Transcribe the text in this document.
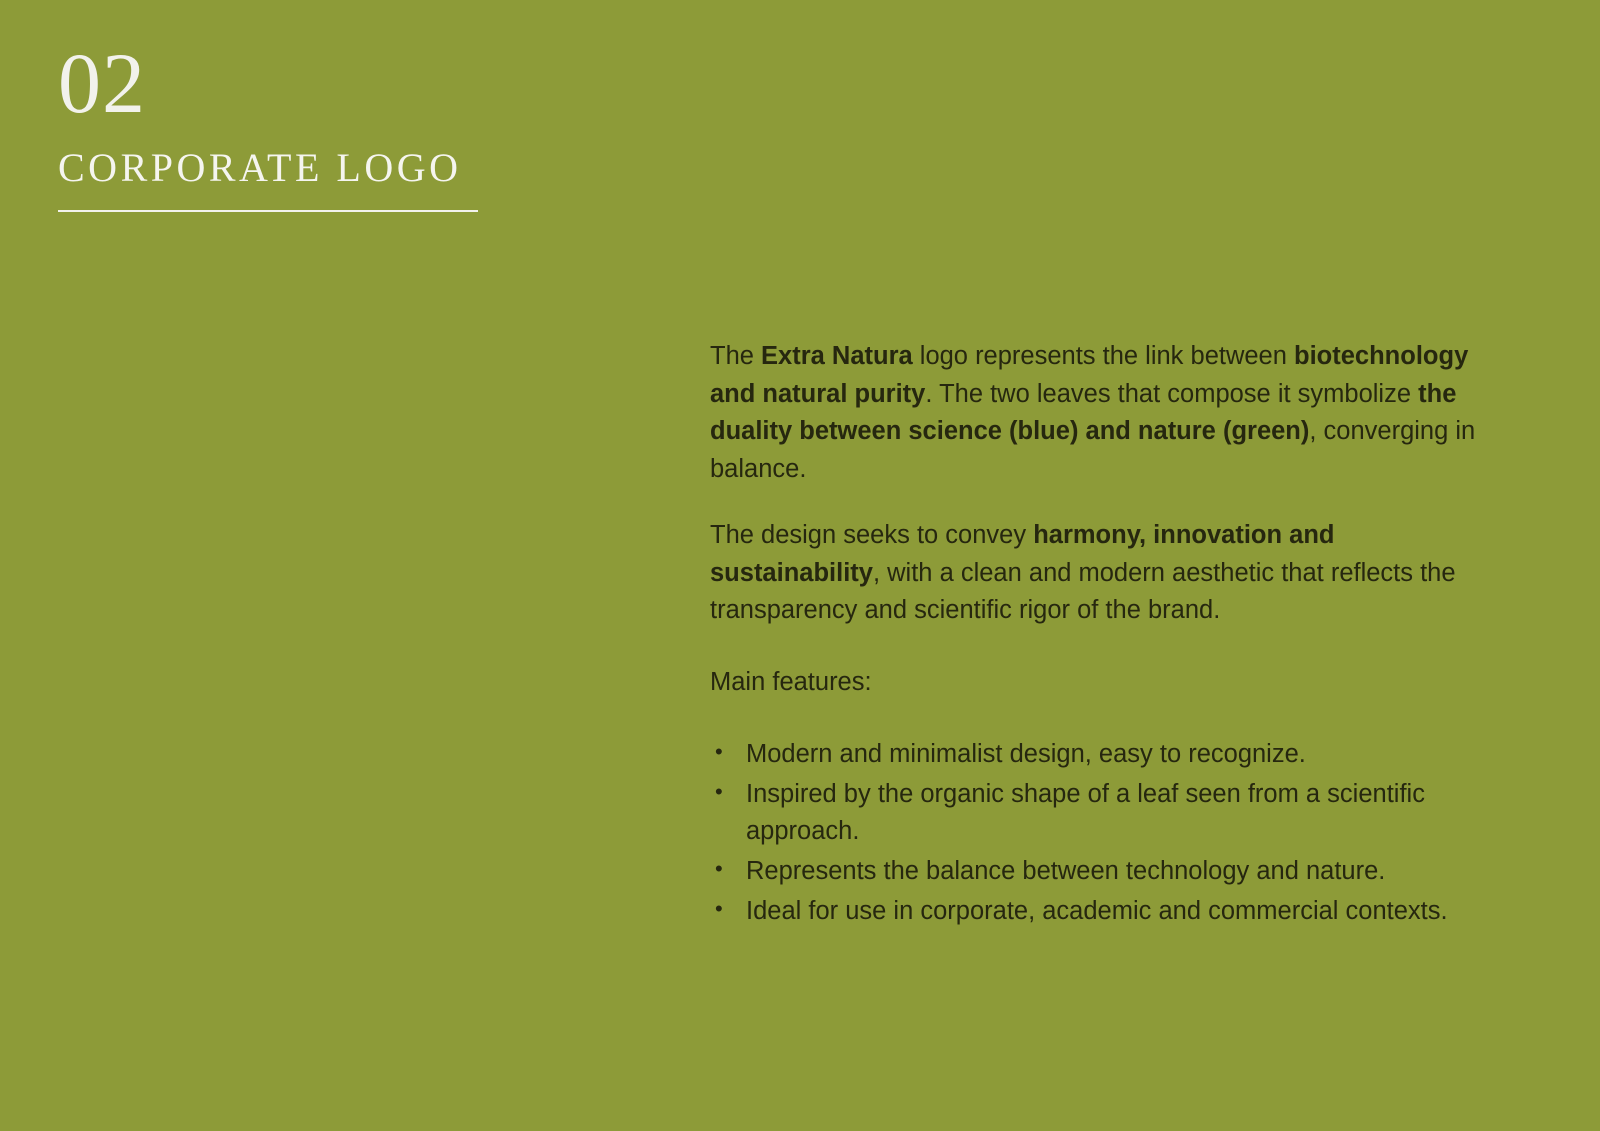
02
CORPORATE LOGO

The Extra Natura logo represents the link between biotechnology and natural purity. The two leaves that compose it symbolize the duality between science (blue) and nature (green), converging in balance.

The design seeks to convey harmony, innovation and sustainability, with a clean and modern aesthetic that reflects the transparency and scientific rigor of the brand.

Main features:

• Modern and minimalist design, easy to recognize.
• Inspired by the organic shape of a leaf seen from a scientific approach.
• Represents the balance between technology and nature.
• Ideal for use in corporate, academic and commercial contexts.
